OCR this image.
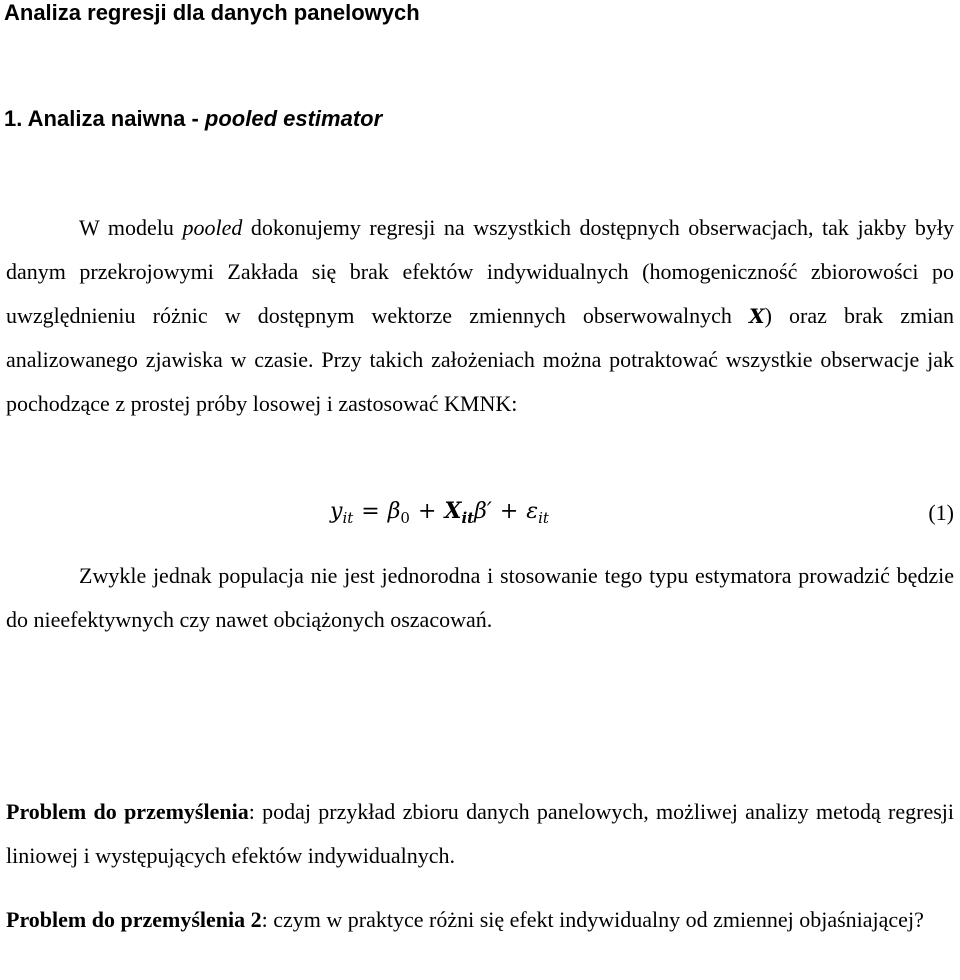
Analiza regresji dla danych panelowych
1. Analiza naiwna - pooled estimator
W modelu pooled dokonujemy regresji na wszystkich dostępnych obserwacjach, tak jakby były danym przekrojowymi Zakłada się brak efektów indywidualnych (homogeniczność zbiorowości po uwzględnieniu różnic w dostępnym wektorze zmiennych obserwowalnych X) oraz brak zmian analizowanego zjawiska w czasie. Przy takich założeniach można potraktować wszystkie obserwacje jak pochodzące z prostej próby losowej i zastosować KMNK:
$y_{it} = \beta_0 + X_{it}\beta' + \varepsilon_{it}$	(1)
Zwykle jednak populacja nie jest jednorodna i stosowanie tego typu estymatora prowadzić będzie do nieefektywnych czy nawet obciążonych oszacowań.
Problem do przemyślenia: podaj przykład zbioru danych panelowych, możliwej analizy metodą regresji liniowej i występujących efektów indywidualnych.
Problem do przemyślenia 2: czym w praktyce różni się efekt indywidualny od zmiennej objaśniającej?
